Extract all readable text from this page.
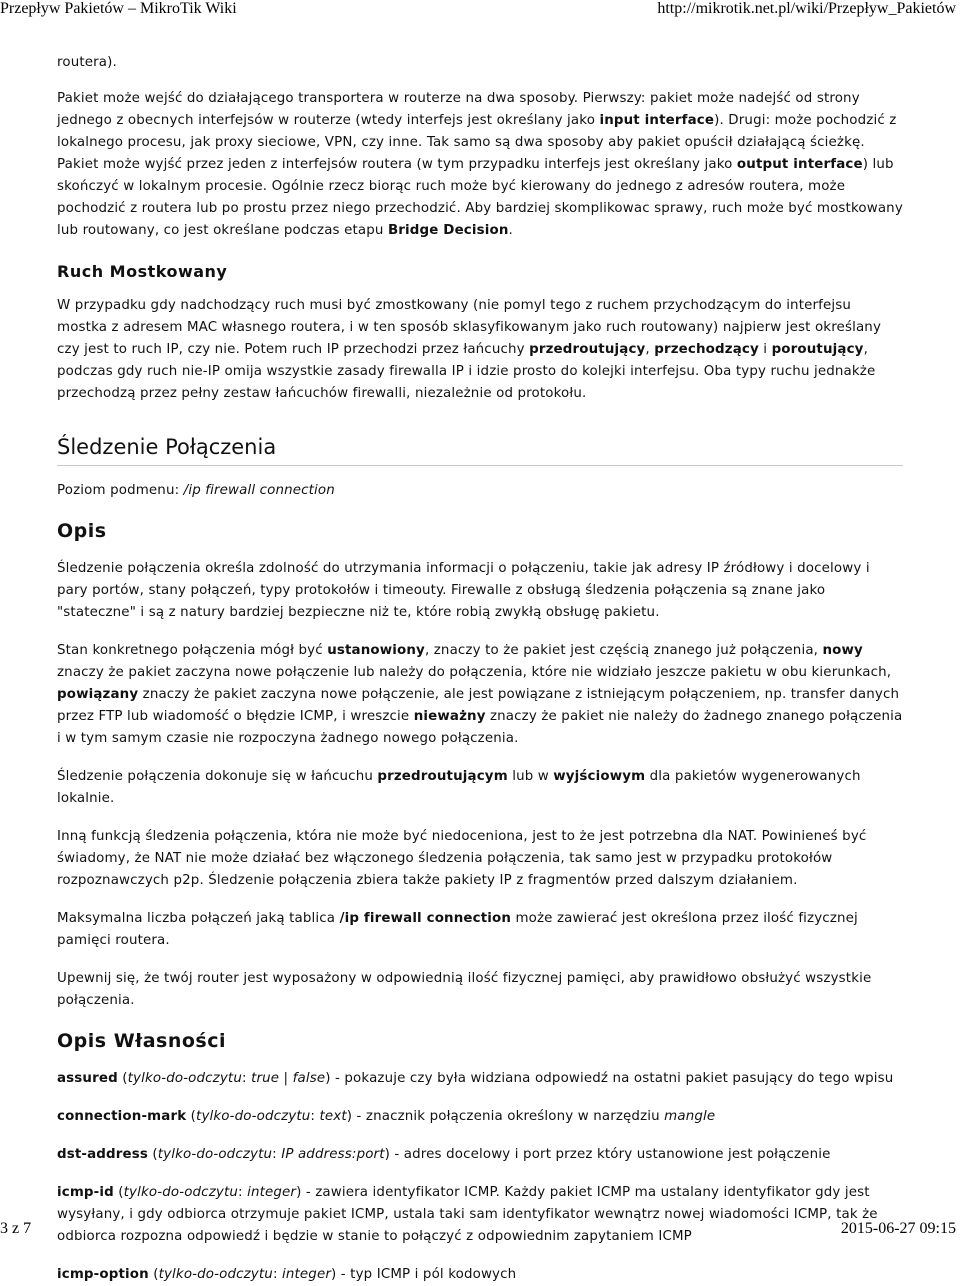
Przepływ Pakietów – MikroTik Wiki	http://mikrotik.net.pl/wiki/Przepływ_Pakietów

routera).

Pakiet może wejść do działającego transportera w routerze na dwa sposoby. Pierwszy: pakiet może nadejść od strony jednego z obecnych interfejsów w routerze (wtedy interfejs jest określany jako input interface). Drugi: może pochodzić z lokalnego procesu, jak proxy sieciowe, VPN, czy inne. Tak samo są dwa sposoby aby pakiet opuścił działającą ścieżkę. Pakiet może wyjść przez jeden z interfejsów routera (w tym przypadku interfejs jest określany jako output interface) lub skończyć w lokalnym procesie. Ogólnie rzecz biorąc ruch może być kierowany do jednego z adresów routera, może pochodzić z routera lub po prostu przez niego przechodzić. Aby bardziej skomplikowac sprawy, ruch może być mostkowany lub routowany, co jest określane podczas etapu Bridge Decision.

Ruch Mostkowany

W przypadku gdy nadchodzący ruch musi być zmostkowany (nie pomyl tego z ruchem przychodzącym do interfejsu mostka z adresem MAC własnego routera, i w ten sposób sklasyfikowanym jako ruch routowany) najpierw jest określany czy jest to ruch IP, czy nie. Potem ruch IP przechodzi przez łańcuchy przedroutujący, przechodzący i poroutujący, podczas gdy ruch nie-IP omija wszystkie zasady firewalla IP i idzie prosto do kolejki interfejsu. Oba typy ruchu jednakże przechodzą przez pełny zestaw łańcuchów firewalli, niezależnie od protokołu.

Śledzenie Połączenia

Poziom podmenu: /ip firewall connection

Opis

Śledzenie połączenia określa zdolność do utrzymania informacji o połączeniu, takie jak adresy IP źródłowy i docelowy i pary portów, stany połączeń, typy protokołów i timeouty. Firewalle z obsługą śledzenia połączenia są znane jako "stateczne" i są z natury bardziej bezpieczne niż te, które robią zwykłą obsługę pakietu.

Stan konkretnego połączenia mógł być ustanowiony, znaczy to że pakiet jest częścią znanego już połączenia, nowy znaczy że pakiet zaczyna nowe połączenie lub należy do połączenia, które nie widziało jeszcze pakietu w obu kierunkach, powiązany znaczy że pakiet zaczyna nowe połączenie, ale jest powiązane z istniejącym połączeniem, np. transfer danych przez FTP lub wiadomość o błędzie ICMP, i wreszcie nieważny znaczy że pakiet nie należy do żadnego znanego połączenia i w tym samym czasie nie rozpoczyna żadnego nowego połączenia.

Śledzenie połączenia dokonuje się w łańcuchu przedroutującym lub w wyjściowym dla pakietów wygenerowanych lokalnie.

Inną funkcją śledzenia połączenia, która nie może być niedoceniona, jest to że jest potrzebna dla NAT. Powinieneś być świadomy, że NAT nie może działać bez włączonego śledzenia połączenia, tak samo jest w przypadku protokołów rozpoznawczych p2p. Śledzenie połączenia zbiera także pakiety IP z fragmentów przed dalszym działaniem.

Maksymalna liczba połączeń jaką tablica /ip firewall connection może zawierać jest określona przez ilość fizycznej pamięci routera.

Upewnij się, że twój router jest wyposażony w odpowiednią ilość fizycznej pamięci, aby prawidłowo obsłużyć wszystkie połączenia.

Opis Własności

assured (tylko-do-odczytu: true | false) - pokazuje czy była widziana odpowiedź na ostatni pakiet pasujący do tego wpisu

connection-mark (tylko-do-odczytu: text) - znacznik połączenia określony w narzędziu mangle

dst-address (tylko-do-odczytu: IP address:port) - adres docelowy i port przez który ustanowione jest połączenie

icmp-id (tylko-do-odczytu: integer) - zawiera identyfikator ICMP. Każdy pakiet ICMP ma ustalany identyfikator gdy jest wysyłany, i gdy odbiorca otrzymuje pakiet ICMP, ustala taki sam identyfikator wewnątrz nowej wiadomości ICMP, tak że odbiorca rozpozna odpowiedź i będzie w stanie to połączyć z odpowiednim zapytaniem ICMP

icmp-option (tylko-do-odczytu: integer) - typ ICMP i pól kodowych

3 z 7	2015-06-27 09:15
